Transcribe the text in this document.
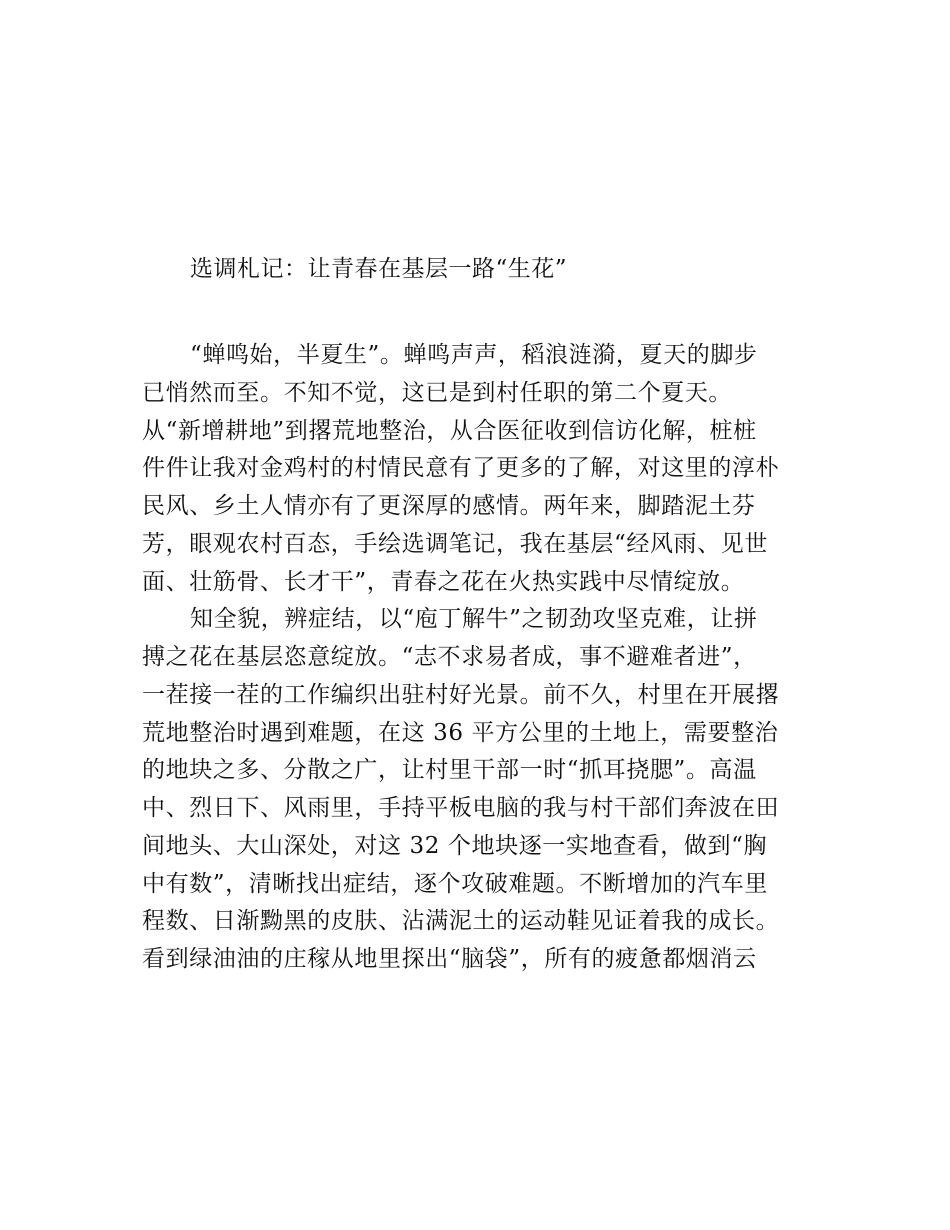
选调札记：让青春在基层一路“生花”
“蝉鸣始，半夏生”。蝉鸣声声，稻浪涟漪，夏天的脚步
已悄然而至。不知不觉，这已是到村任职的第二个夏天。
从“新增耕地”到撂荒地整治，从合医征收到信访化解，桩桩
件件让我对金鸡村的村情民意有了更多的了解，对这里的淳朴
民风、乡土人情亦有了更深厚的感情。两年来，脚踏泥土芬
芳，眼观农村百态，手绘选调笔记，我在基层“经风雨、见世
面、壮筋骨、长才干”，青春之花在火热实践中尽情绽放。
知全貌，辨症结，以“庖丁解牛”之韧劲攻坚克难，让拼
搏之花在基层恣意绽放。“志不求易者成，事不避难者进”，
一茬接一茬的工作编织出驻村好光景。前不久，村里在开展撂
荒地整治时遇到难题，在这 36 平方公里的土地上，需要整治
的地块之多、分散之广，让村里干部一时“抓耳挠腮”。高温
中、烈日下、风雨里，手持平板电脑的我与村干部们奔波在田
间地头、大山深处，对这 32 个地块逐一实地查看，做到“胸
中有数”，清晰找出症结，逐个攻破难题。不断增加的汽车里
程数、日渐黝黑的皮肤、沾满泥土的运动鞋见证着我的成长。
看到绿油油的庄稼从地里探出“脑袋”，所有的疲惫都烟消云
